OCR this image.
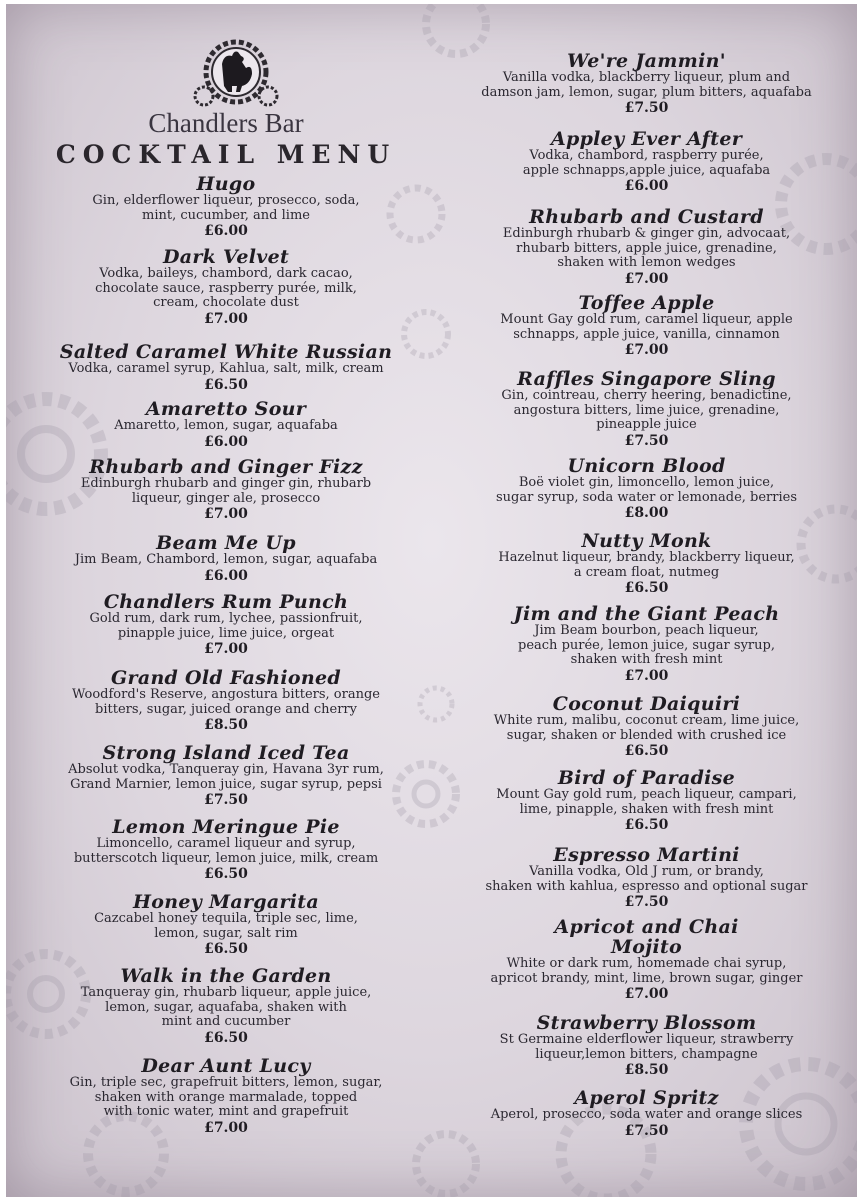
Chandlers Bar
COCKTAIL MENU
Hugo
Gin, elderflower liqueur, prosecco, soda,
mint, cucumber, and lime
£6.00
Dark Velvet
Vodka, baileys, chambord, dark cacao,
chocolate sauce, raspberry purée, milk,
cream, chocolate dust
£7.00
Salted Caramel White Russian
Vodka, caramel syrup, Kahlua, salt, milk, cream
£6.50
Amaretto Sour
Amaretto, lemon, sugar, aquafaba
£6.00
Rhubarb and Ginger Fizz
Edinburgh rhubarb and ginger gin, rhubarb
liqueur, ginger ale, prosecco
£7.00
Beam Me Up
Jim Beam, Chambord, lemon, sugar, aquafaba
£6.00
Chandlers Rum Punch
Gold rum, dark rum, lychee, passionfruit,
pinapple juice, lime juice, orgeat
£7.00
Grand Old Fashioned
Woodford's Reserve, angostura bitters, orange
bitters, sugar, juiced orange and cherry
£8.50
Strong Island Iced Tea
Absolut vodka, Tanqueray gin, Havana 3yr rum,
Grand Marnier, lemon juice, sugar syrup, pepsi
£7.50
Lemon Meringue Pie
Limoncello, caramel liqueur and syrup,
butterscotch liqueur, lemon juice, milk, cream
£6.50
Honey Margarita
Cazcabel honey tequila, triple sec, lime,
lemon, sugar, salt rim
£6.50
Walk in the Garden
Tanqueray gin, rhubarb liqueur, apple juice,
lemon, sugar, aquafaba, shaken with
mint and cucumber
£6.50
Dear Aunt Lucy
Gin, triple sec, grapefruit bitters, lemon, sugar,
shaken with orange marmalade, topped
with tonic water, mint and grapefruit
£7.00
We're Jammin'
Vanilla vodka, blackberry liqueur, plum and
damson jam, lemon, sugar, plum bitters, aquafaba
£7.50
Appley Ever After
Vodka, chambord, raspberry purée,
apple schnapps,apple juice, aquafaba
£6.00
Rhubarb and Custard
Edinburgh rhubarb & ginger gin, advocaat,
rhubarb bitters, apple juice, grenadine,
shaken with lemon wedges
£7.00
Toffee Apple
Mount Gay gold rum, caramel liqueur, apple
schnapps, apple juice, vanilla, cinnamon
£7.00
Raffles Singapore Sling
Gin, cointreau, cherry heering, benadictine,
angostura bitters, lime juice, grenadine,
pineapple juice
£7.50
Unicorn Blood
Boë violet gin, limoncello, lemon juice,
sugar syrup, soda water or lemonade, berries
£8.00
Nutty Monk
Hazelnut liqueur, brandy, blackberry liqueur,
a cream float, nutmeg
£6.50
Jim and the Giant Peach
Jim Beam bourbon, peach liqueur,
peach purée, lemon juice, sugar syrup,
shaken with fresh mint
£7.00
Coconut Daiquiri
White rum, malibu, coconut cream, lime juice,
sugar, shaken or blended with crushed ice
£6.50
Bird of Paradise
Mount Gay gold rum, peach liqueur, campari,
lime, pinapple, shaken with fresh mint
£6.50
Espresso Martini
Vanilla vodka, Old J rum, or brandy,
shaken with kahlua, espresso and optional sugar
£7.50
Apricot and Chai
Mojito
White or dark rum, homemade chai syrup,
apricot brandy, mint, lime, brown sugar, ginger
£7.00
Strawberry Blossom
St Germaine elderflower liqueur, strawberry
liqueur,lemon bitters, champagne
£8.50
Aperol Spritz
Aperol, prosecco, soda water and orange slices
£7.50
